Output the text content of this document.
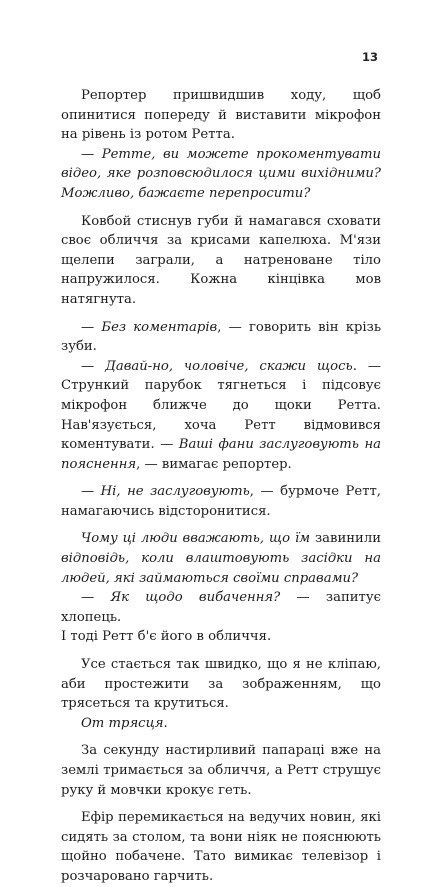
13

Репортер пришвидшив ходу, щоб опинитися попереду й виставити мікрофон на рівень із ротом Ретта.

— Ретте, ви можете прокоментувати відео, яке розповсюдилося цими вихідними? Можливо, бажаєте перепросити?

Ковбой стиснув губи й намагався сховати своє обличчя за крисами капелюха. М'язи щелепи заграли, а натреноване тіло напружилося. Кожна кінцівка мов натягнута.

— Без коментарів, — говорить він крізь зуби.

— Давай-но, чоловіче, скажи щось. — Стрункий парубок тягнеться і підсовує мікрофон ближче до щоки Ретта. Нав'язується, хоча Ретт відмовився коментувати. — Ваші фани заслуговують на пояснення, — вимагає репортер.

— Ні, не заслуговують, — бурмоче Ретт, намагаючись відсторонитися.

Чому ці люди вважають, що їм завинили відповідь, коли влаштовують засідки на людей, які займаються своїми справами?

— Як щодо вибачення? — запитує хлопець.

І тоді Ретт б'є його в обличчя.

Усе стається так швидко, що я не кліпаю, аби простежити за зображенням, що трясеться та крутиться.

От трясця.

За секунду настирливий папараці вже на землі тримається за обличчя, а Ретт струшує руку й мовчки крокує геть.

Ефір перемикається на ведучих новин, які сидять за столом, та вони ніяк не пояснюють щойно побачене. Тато вимикає телевізор і розчаровано гарчить.
